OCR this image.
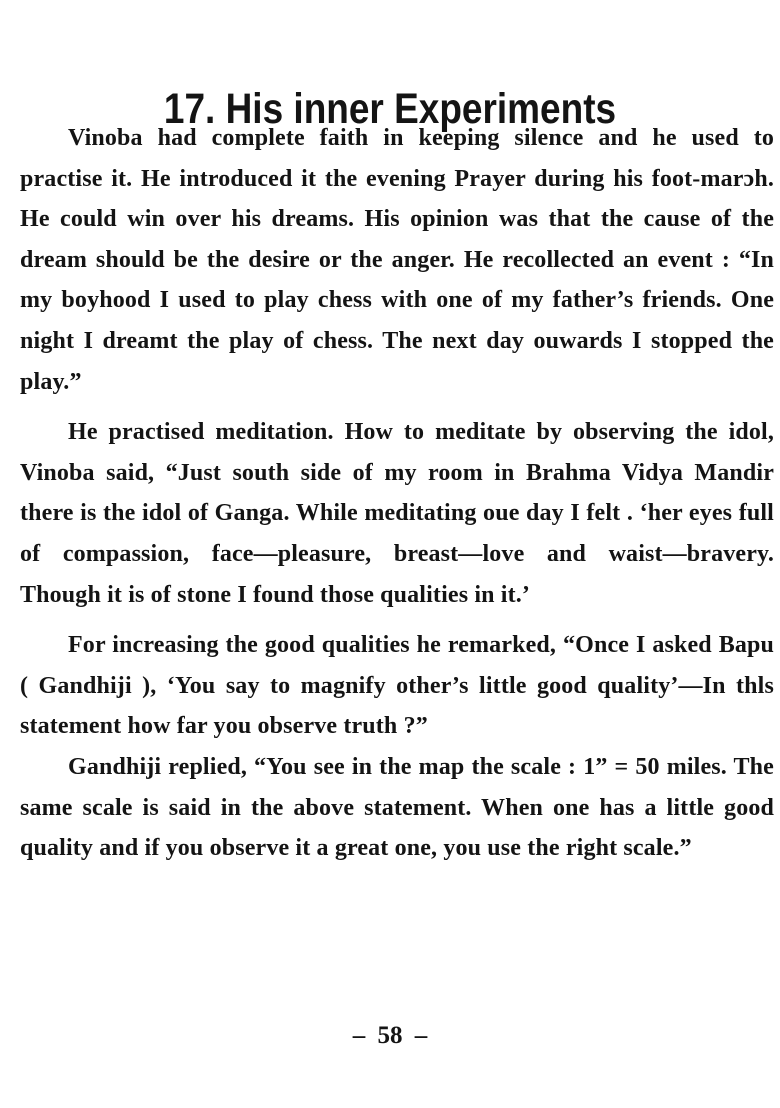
17. His inner Experiments

Vinoba had complete faith in keeping silence and he used to practise it. He introduced it the evening Prayer during his foot-marɔh. He could win over his dreams. His opinion was that the cause of the dream should be the desire or the anger. He recollected an event : “In my boyhood I used to play chess with one of my father’s friends. One night I dreamt the play of chess. The next day ouwards I stopped the play.”

He practised meditation. How to meditate by observing the idol, Vinoba said, “Just south side of my room in Brahma Vidya Mandir there is the idol of Ganga. While meditating oue day I felt . ‘her eyes full of compassion, face—pleasure, breast—love and waist—bravery. Though it is of stone I found those qualities in it.’

For increasing the good qualities he remarked, “Once I asked Bapu ( Gandhiji ), ‘You say to magnify other’s little good quality’—In thls statement how far you observe truth ?”

Gandhiji replied, “You see in the map the scale : 1” = 50 miles. The same scale is said in the above statement. When one has a little good quality and if you observe it a great one, you use the right scale.”

– 58 –
